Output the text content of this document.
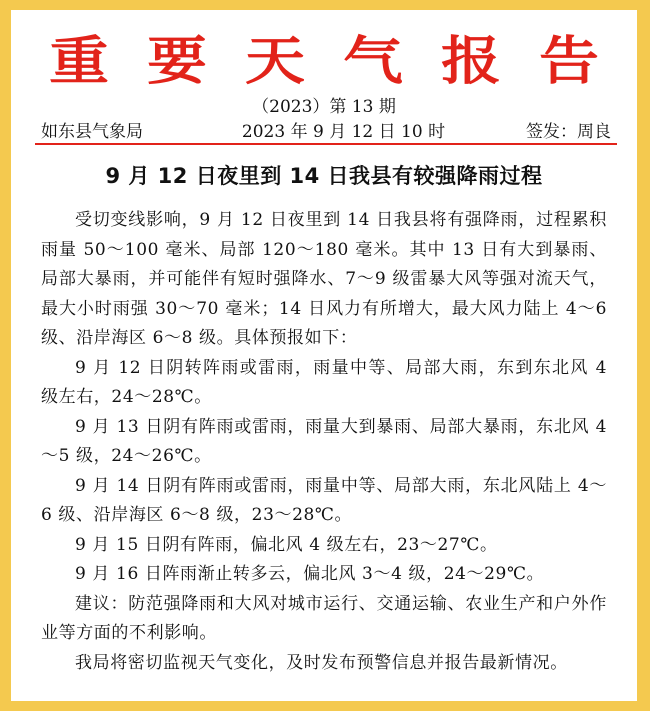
重 要 天 气 报 告
（2023）第 13 期
如东县气象局	2023 年 9 月 12 日 10 时	签发：周良
9 月 12 日夜里到 14 日我县有较强降雨过程

受切变线影响，9 月 12 日夜里到 14 日我县将有强降雨，过程累积雨量 50～100 毫米、局部 120～180 毫米。其中 13 日有大到暴雨、局部大暴雨，并可能伴有短时强降水、7～9 级雷暴大风等强对流天气，最大小时雨强 30～70 毫米；14 日风力有所增大，最大风力陆上 4～6 级、沿岸海区 6～8 级。具体预报如下：

9 月 12 日阴转阵雨或雷雨，雨量中等、局部大雨，东到东北风 4 级左右，24～28℃。

9 月 13 日阴有阵雨或雷雨，雨量大到暴雨、局部大暴雨，东北风 4～5 级，24～26℃。

9 月 14 日阴有阵雨或雷雨，雨量中等、局部大雨，东北风陆上 4～6 级、沿岸海区 6～8 级，23～28℃。

9 月 15 日阴有阵雨，偏北风 4 级左右，23～27℃。

9 月 16 日阵雨渐止转多云，偏北风 3～4 级，24～29℃。

建议：防范强降雨和大风对城市运行、交通运输、农业生产和户外作业等方面的不利影响。

我局将密切监视天气变化，及时发布预警信息并报告最新情况。
